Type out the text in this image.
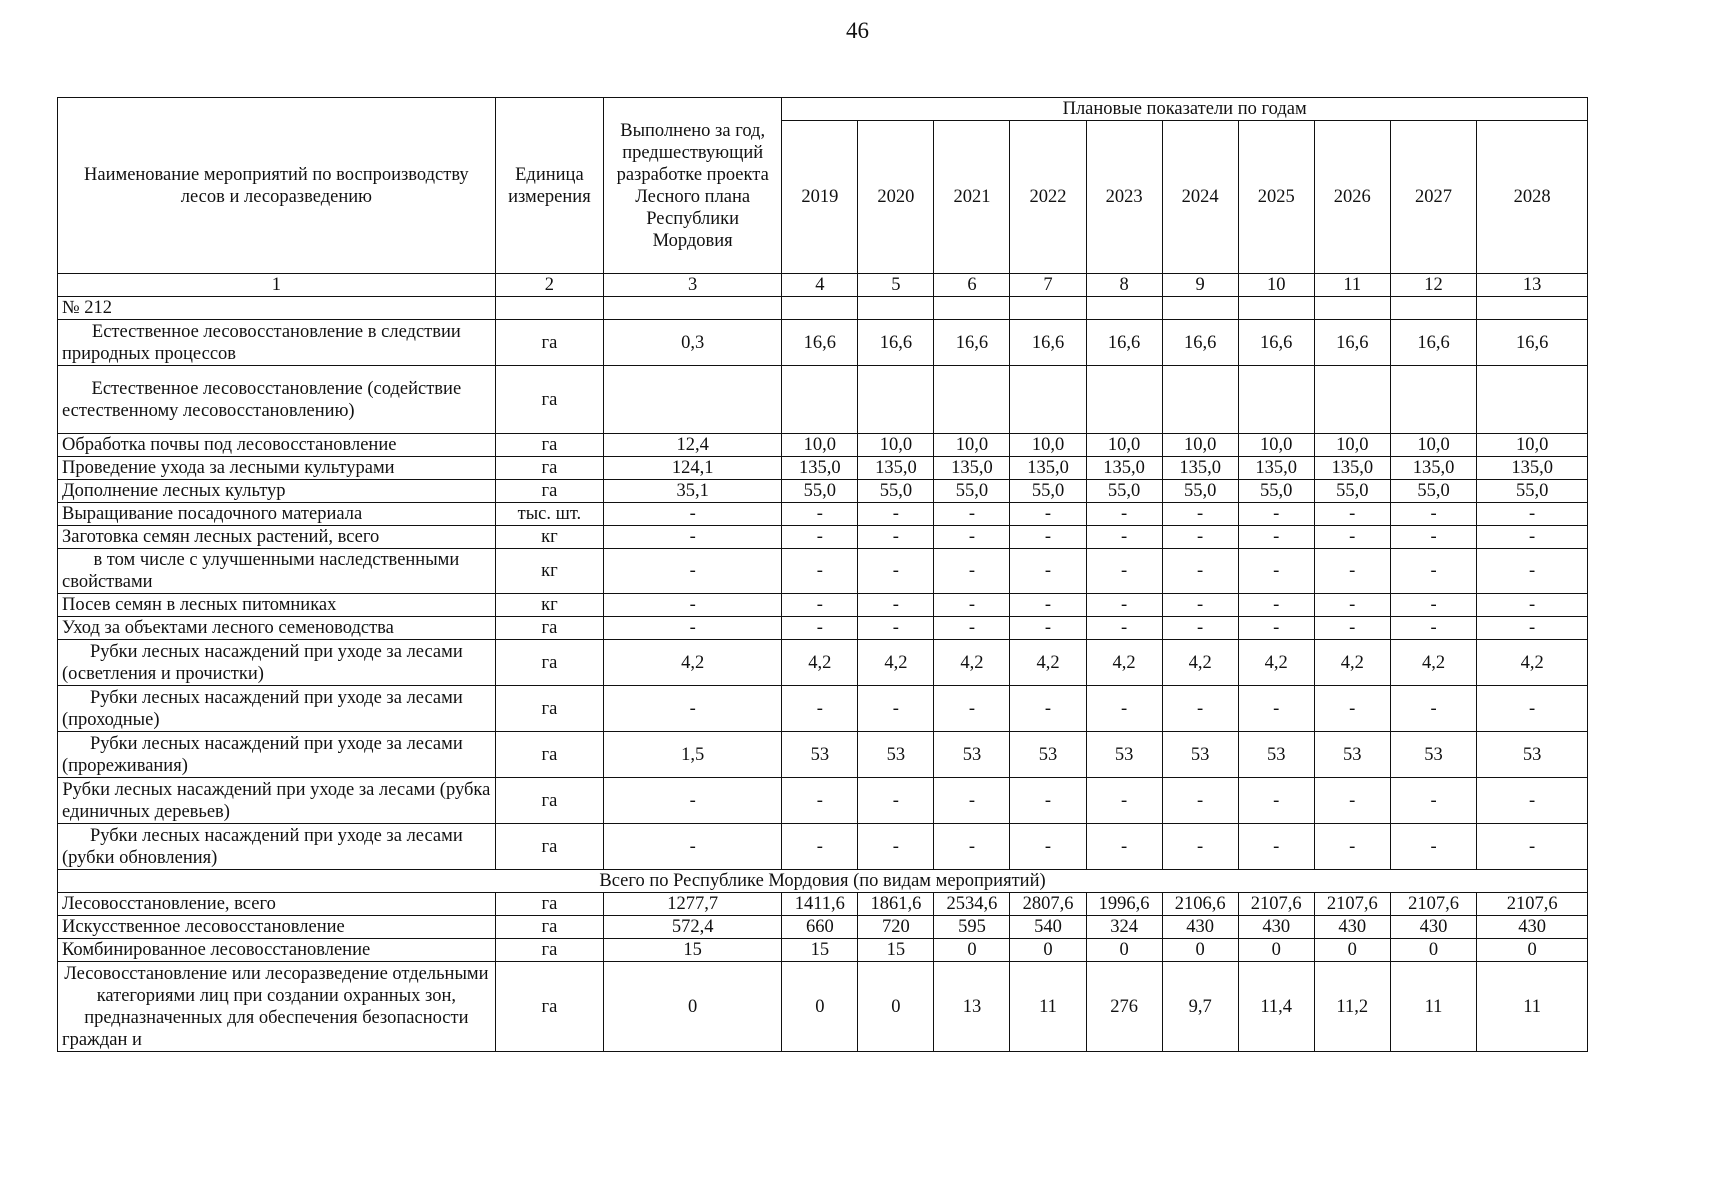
46
Наименование мероприятий по воспроизводству лесов и лесоразведению	Единица измерения	Выполнено за год, предшествующий разработке проекта Лесного плана Республики Мордовия	Плановые показатели по годам									
			2019	2020	2021	2022	2023	2024	2025	2026	2027	2028
1	2	3	4	5	6	7	8	9	10	11	12	13
№ 212												
Естественное лесовосстановление в следствии природных процессов	га	0,3	16,6	16,6	16,6	16,6	16,6	16,6	16,6	16,6	16,6	16,6
Естественное лесовосстановление (содействие естественному лесовосстановлению)	га											
Обработка почвы под лесовосстановление	га	12,4	10,0	10,0	10,0	10,0	10,0	10,0	10,0	10,0	10,0	10,0
Проведение ухода за лесными культурами	га	124,1	135,0	135,0	135,0	135,0	135,0	135,0	135,0	135,0	135,0	135,0
Дополнение лесных культур	га	35,1	55,0	55,0	55,0	55,0	55,0	55,0	55,0	55,0	55,0	55,0
Выращивание посадочного материала	тыс. шт.	-	-	-	-	-	-	-	-	-	-	-
Заготовка семян лесных растений, всего	кг	-	-	-	-	-	-	-	-	-	-	-
в том числе с улучшенными наследственными свойствами	кг	-	-	-	-	-	-	-	-	-	-	-
Посев семян в лесных питомниках	кг	-	-	-	-	-	-	-	-	-	-	-
Уход за объектами лесного семеноводства	га	-	-	-	-	-	-	-	-	-	-	-
Рубки лесных насаждений при уходе за лесами (осветления и прочистки)	га	4,2	4,2	4,2	4,2	4,2	4,2	4,2	4,2	4,2	4,2	4,2
Рубки лесных насаждений при уходе за лесами (проходные)	га	-	-	-	-	-	-	-	-	-	-	-
Рубки лесных насаждений при уходе за лесами (прореживания)	га	1,5	53	53	53	53	53	53	53	53	53	53
Рубки лесных насаждений при уходе за лесами (рубка единичных деревьев)	га	-	-	-	-	-	-	-	-	-	-	-
Рубки лесных насаждений при уходе за лесами (рубки обновления)	га	-	-	-	-	-	-	-	-	-	-	-
Всего по Республике Мордовия (по видам мероприятий)												
Лесовосстановление, всего	га	1277,7	1411,6	1861,6	2534,6	2807,6	1996,6	2106,6	2107,6	2107,6	2107,6	2107,6
Искусственное лесовосстановление	га	572,4	660	720	595	540	324	430	430	430	430	430
Комбинированное лесовосстановление	га	15	15	15	0	0	0	0	0	0	0	0
Лесовосстановление или лесоразведение отдельными категориями лиц при создании охранных зон, предназначенных для обеспечения безопасности граждан и	га	0	0	0	13	11	276	9,7	11,4	11,2	11	11
